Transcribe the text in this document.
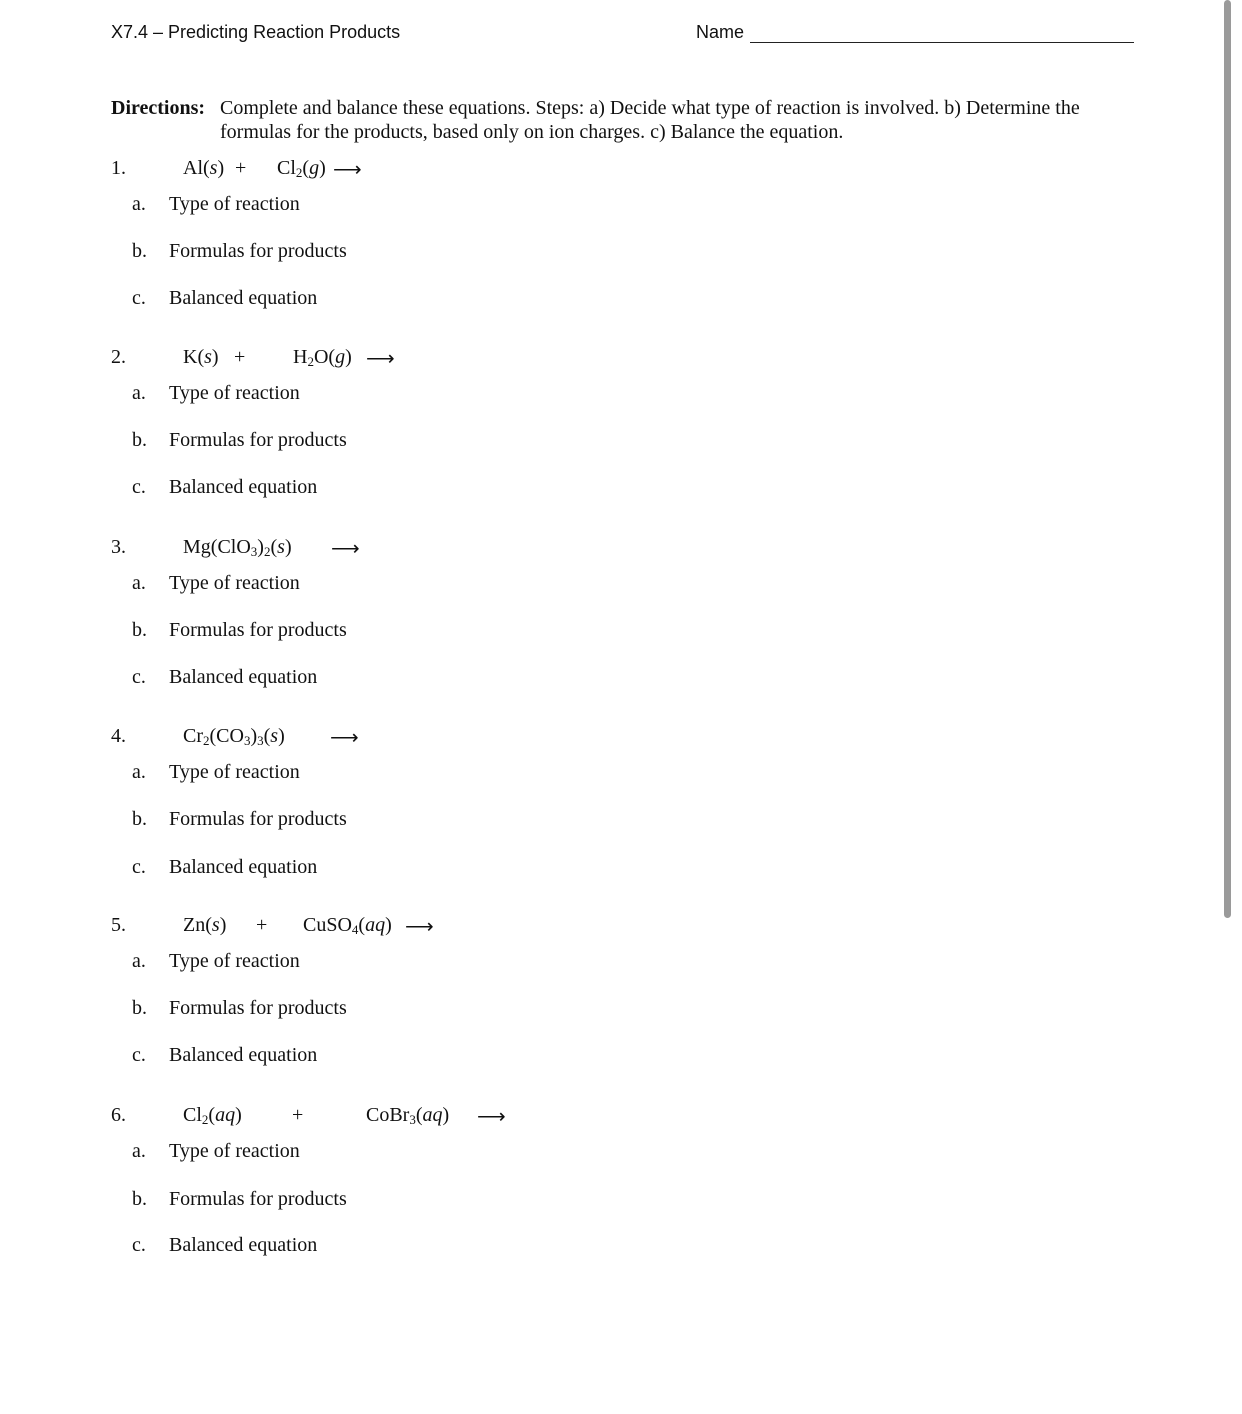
X7.4 – Predicting Reaction Products	Name
Directions: Complete and balance these equations. Steps: a) Decide what type of reaction is involved. b) Determine the formulas for the products, based only on ion charges. c) Balance the equation.
1.	$Al(s) + Cl_2(g)$ ⟶
a.	Type of reaction
b.	Formulas for products
c.	Balanced equation
2.	$K(s) + H_2O(g)$ ⟶
a.	Type of reaction
b.	Formulas for products
c.	Balanced equation
3.	$Mg(ClO_3)_2(s)$ ⟶
a.	Type of reaction
b.	Formulas for products
c.	Balanced equation
4.	$Cr_2(CO_3)_3(s)$ ⟶
a.	Type of reaction
b.	Formulas for products
c.	Balanced equation
5.	Zn(s) + CuSO$_4$(aq) ⟶
a.	Type of reaction
b.	Formulas for products
c.	Balanced equation
6.	$Cl_2(aq)$	+	CoBr$_3$(aq) ⟶
a.	Type of reaction
b.	Formulas for products
c.	Balanced equation
